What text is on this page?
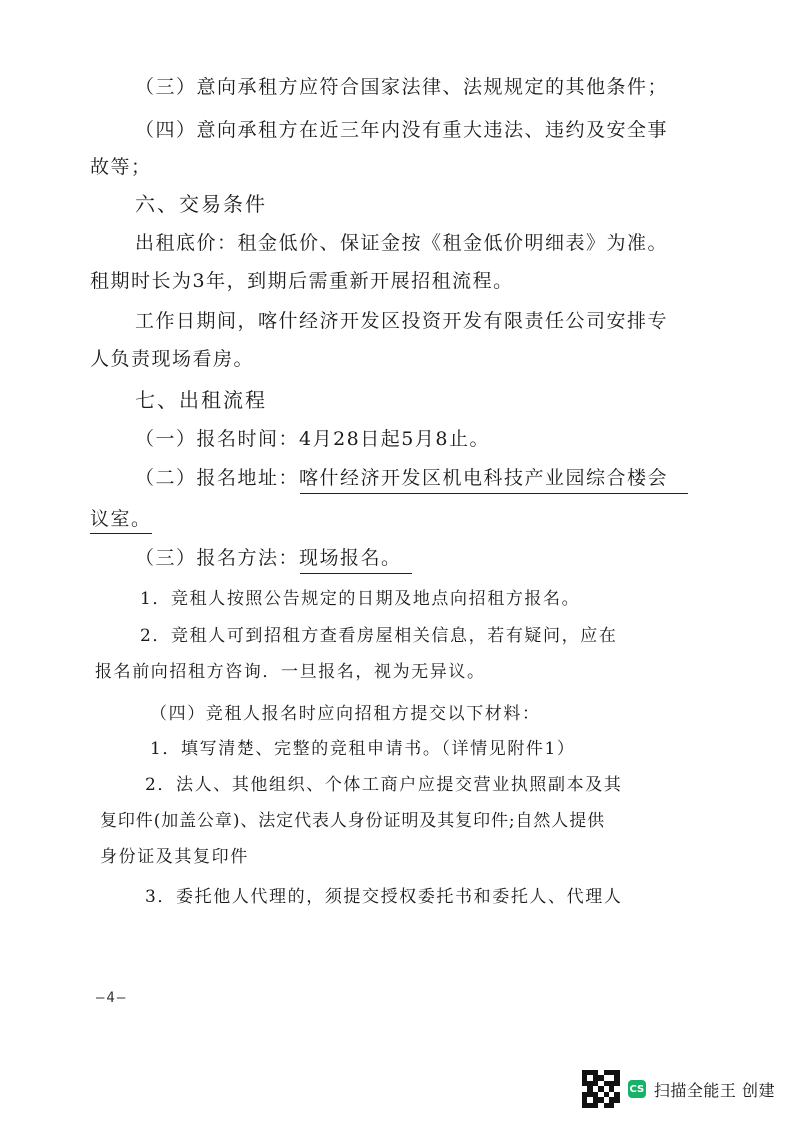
（三）意向承租方应符合国家法律、法规规定的其他条件；
（四）意向承租方在近三年内没有重大违法、违约及安全事
故等；
六、交易条件
出租底价：租金低价、保证金按《租金低价明细表》为准。
租期时长为3年，到期后需重新开展招租流程。
工作日期间，喀什经济开发区投资开发有限责任公司安排专
人负责现场看房。
七、出租流程
（一）报名时间：4月28日起5月8止。
（二）报名地址：喀什经济开发区机电科技产业园综合楼会
议室。
（三）报名方法：现场报名。
1．竞租人按照公告规定的日期及地点向招租方报名。
2．竞租人可到招租方查看房屋相关信息，若有疑问，应在
报名前向招租方咨询．一旦报名，视为无异议。
（四）竞租人报名时应向招租方提交以下材料：
1．填写清楚、完整的竞租申请书。（详情见附件1）
2．法人、其他组织、个体工商户应提交营业执照副本及其
复印件(加盖公章)、法定代表人身份证明及其复印件;自然人提供
身份证及其复印件
3．委托他人代理的，须提交授权委托书和委托人、代理人
—4—
CS 扫描全能王 创建
